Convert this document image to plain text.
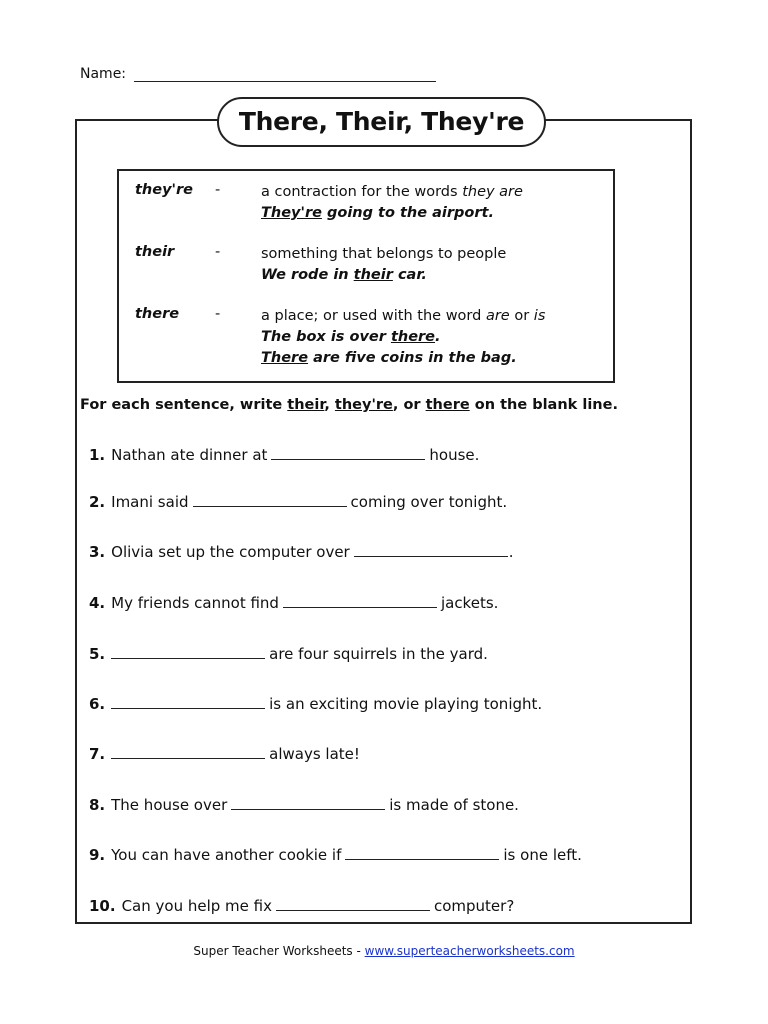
Name:
There, Their, They're
they're -	a contraction for the words they are
They're going to the airport.
their	-	something that belongs to people
We rode in their car.
there -	a place; or used with the word are or is
The box is over there.
There are five coins in the bag.
For each sentence, write their, they're, or there on the blank line.
1. Nathan ate dinner at	house.
2. Imani said	coming over tonight.
3. Olivia set up the computer over	.
4. My friends cannot find	jackets.
5.	are four squirrels in the yard.
6.	is an exciting movie playing tonight.
7.	always late!
8. The house over	is made of stone.
9. You can have another cookie if	is one left.
10. Can you help me fix	computer?
Super Teacher Worksheets - www.superteacherworksheets.com
